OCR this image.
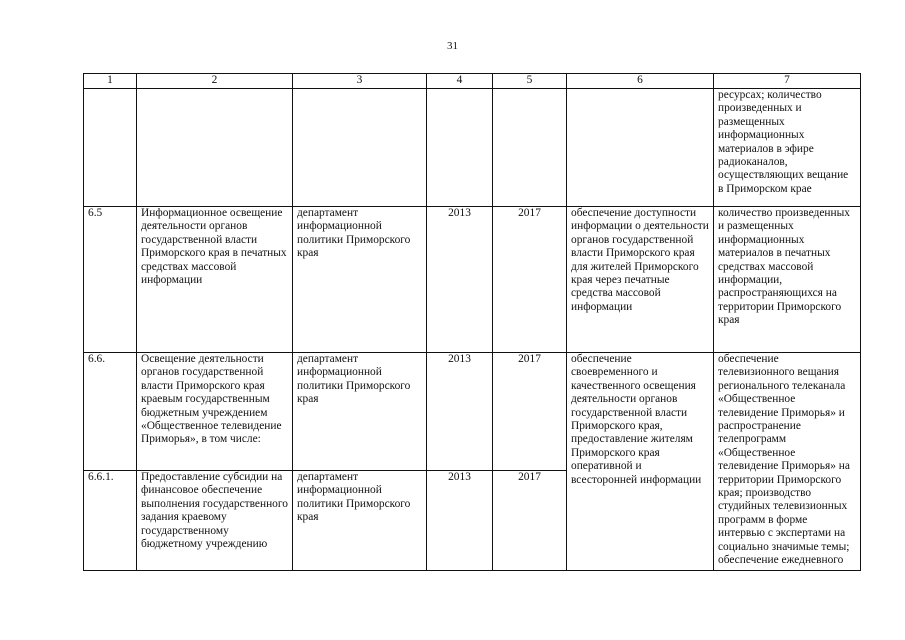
31
1	2	3	4	5	6	7
						ресурсах; количество произведенных и размещенных информационных материалов в эфире радиоканалов, осуществляющих вещание в Приморском крае
6.5	Информационное освещение деятельности органов государственной власти Приморского края в печатных средствах массовой информации	департамент информационной политики Приморского края	2013	2017	обеспечение доступности информации о деятельности органов государственной власти Приморского края для жителей Приморского края через печатные средства массовой информации	количество произведенных и размещенных информационных материалов в печатных средствах массовой информации, распространяющихся на территории Приморского края
6.6.	Освещение деятельности органов государственной власти Приморского края краевым государственным бюджетным учреждением «Общественное телевидение Приморья», в том числе:	департамент информационной политики Приморского края	2013	2017	обеспечение своевременного и качественного освещения деятельности органов государственной власти Приморского края, предоставление жителям Приморского края оперативной и всесторонней информации	обеспечение телевизионного вещания регионального телеканала «Общественное телевидение Приморья» и распространение телепрограмм «Общественное телевидение Приморья» на территории Приморского края; производство студийных телевизионных программ в форме интервью с экспертами на социально значимые темы; обеспечение ежедневного
6.6.1.	Предоставление субсидии на финансовое обеспечение выполнения государственного задания краевому государственному бюджетному учреждению	департамент информационной политики Приморского края	2013	2017		
